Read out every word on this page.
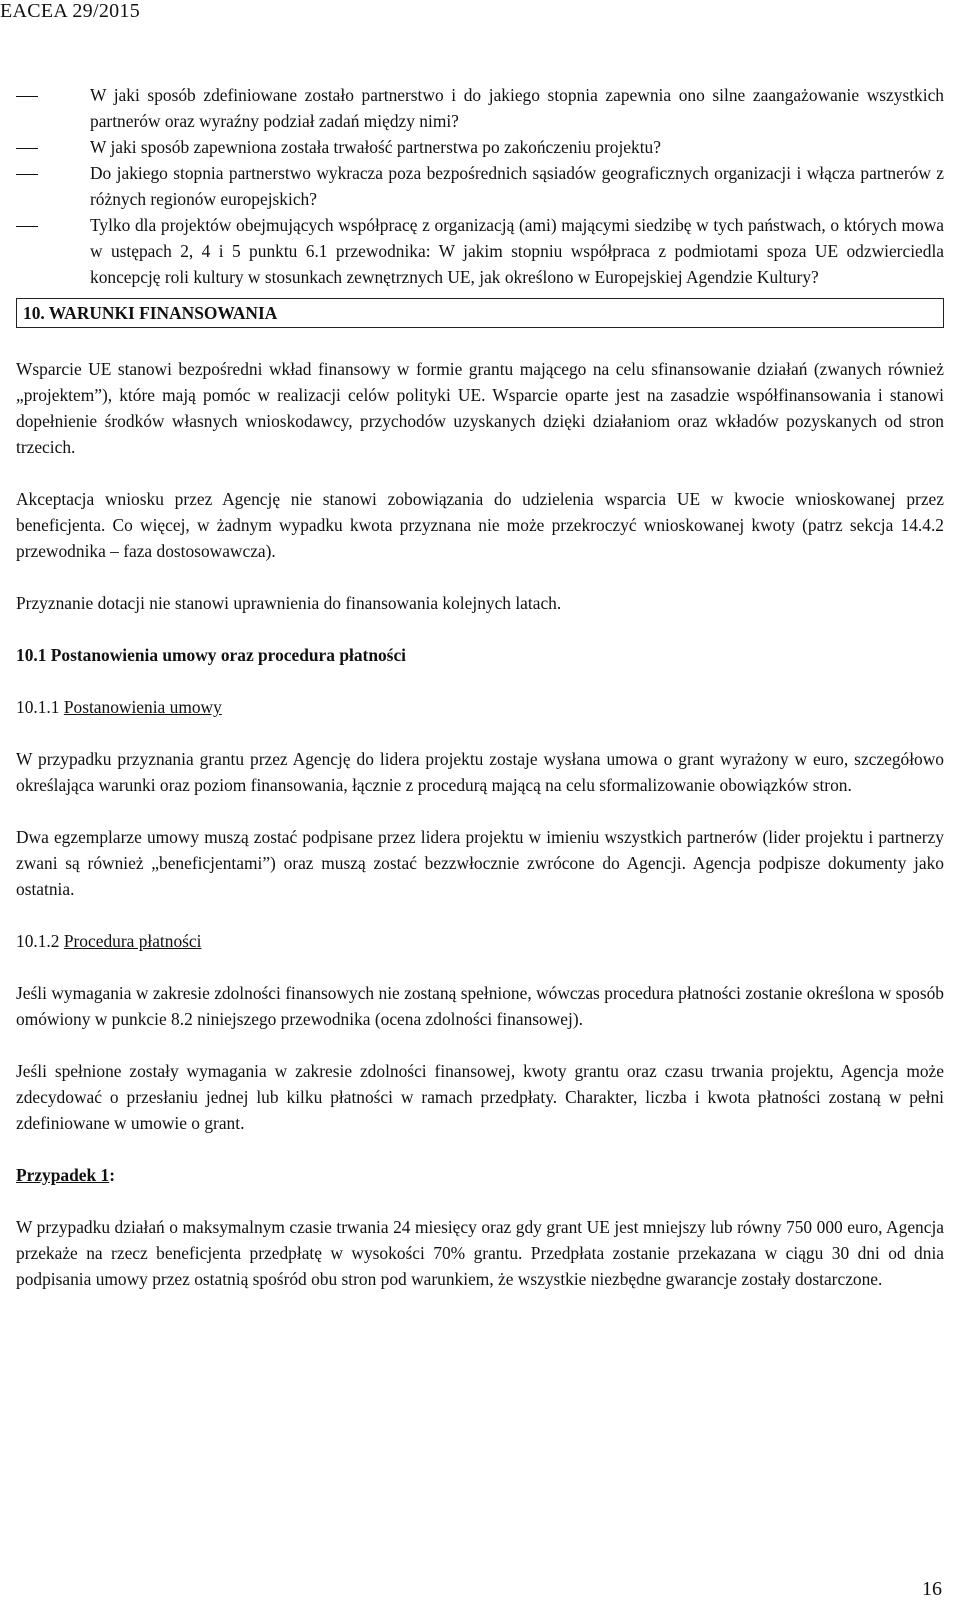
EACEA 29/2015
W jaki sposób zdefiniowane zostało partnerstwo i do jakiego stopnia zapewnia ono silne zaangażowanie wszystkich partnerów oraz wyraźny podział zadań między nimi?
W jaki sposób zapewniona została trwałość partnerstwa po zakończeniu projektu?
Do jakiego stopnia partnerstwo wykracza poza bezpośrednich sąsiadów geograficznych organizacji i włącza partnerów z różnych regionów europejskich?
Tylko dla projektów obejmujących współpracę z organizacją (ami) mającymi siedzibę w tych państwach, o których mowa w ustępach 2, 4 i 5 punktu 6.1 przewodnika: W jakim stopniu współpraca z podmiotami spoza UE odzwierciedla koncepcję roli kultury w stosunkach zewnętrznych UE, jak określono w Europejskiej Agendzie Kultury?
10. WARUNKI FINANSOWANIA

Wsparcie UE stanowi bezpośredni wkład finansowy w formie grantu mającego na celu sfinansowanie działań (zwanych również „projektem”), które mają pomóc w realizacji celów polityki UE. Wsparcie oparte jest na zasadzie współfinansowania i stanowi dopełnienie środków własnych wnioskodawcy, przychodów uzyskanych dzięki działaniom oraz wkładów pozyskanych od stron trzecich.

Akceptacja wniosku przez Agencję nie stanowi zobowiązania do udzielenia wsparcia UE w kwocie wnioskowanej przez beneficjenta. Co więcej, w żadnym wypadku kwota przyznana nie może przekroczyć wnioskowanej kwoty (patrz sekcja 14.4.2 przewodnika – faza dostosowawcza).

Przyznanie dotacji nie stanowi uprawnienia do finansowania kolejnych latach.

10.1 Postanowienia umowy oraz procedura płatności

10.1.1 Postanowienia umowy

W przypadku przyznania grantu przez Agencję do lidera projektu zostaje wysłana umowa o grant wyrażony w euro, szczegółowo określająca warunki oraz poziom finansowania, łącznie z procedurą mającą na celu sformalizowanie obowiązków stron.

Dwa egzemplarze umowy muszą zostać podpisane przez lidera projektu w imieniu wszystkich partnerów (lider projektu i partnerzy zwani są również „beneficjentami”) oraz muszą zostać bezzwłocznie zwrócone do Agencji. Agencja podpisze dokumenty jako ostatnia.

10.1.2 Procedura płatności

Jeśli wymagania w zakresie zdolności finansowych nie zostaną spełnione, wówczas procedura płatności zostanie określona w sposób omówiony w punkcie 8.2 niniejszego przewodnika (ocena zdolności finansowej).

Jeśli spełnione zostały wymagania w zakresie zdolności finansowej, kwoty grantu oraz czasu trwania projektu, Agencja może zdecydować o przesłaniu jednej lub kilku płatności w ramach przedpłaty. Charakter, liczba i kwota płatności zostaną w pełni zdefiniowane w umowie o grant.

Przypadek 1:

W przypadku działań o maksymalnym czasie trwania 24 miesięcy oraz gdy grant UE jest mniejszy lub równy 750 000 euro, Agencja przekaże na rzecz beneficjenta przedpłatę w wysokości 70% grantu. Przedpłata zostanie przekazana w ciągu 30 dni od dnia podpisania umowy przez ostatnią spośród obu stron pod warunkiem, że wszystkie niezbędne gwarancje zostały dostarczone.

16
